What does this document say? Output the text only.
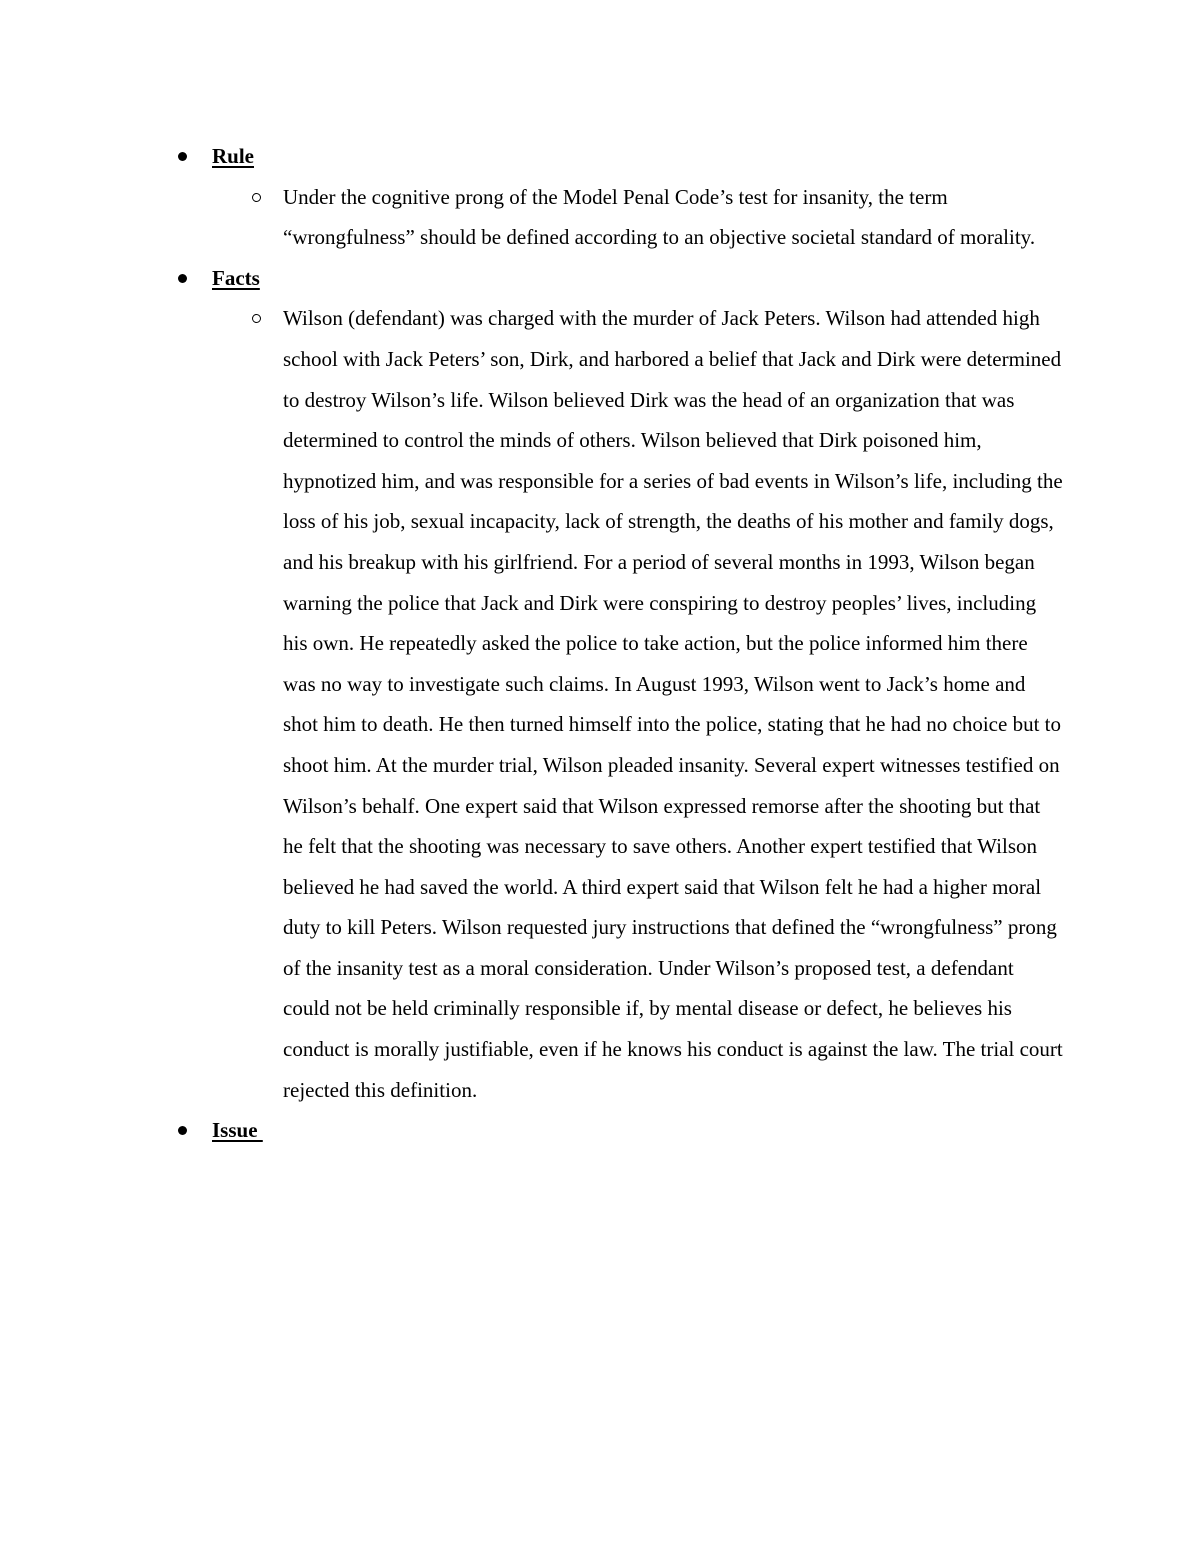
Rule

Under the cognitive prong of the Model Penal Code’s test for insanity, the term “wrongfulness” should be defined according to an objective societal standard of morality.

Facts

Wilson (defendant) was charged with the murder of Jack Peters. Wilson had attended high school with Jack Peters’ son, Dirk, and harbored a belief that Jack and Dirk were determined to destroy Wilson’s life. Wilson believed Dirk was the head of an organization that was determined to control the minds of others. Wilson believed that Dirk poisoned him, hypnotized him, and was responsible for a series of bad events in Wilson’s life, including the loss of his job, sexual incapacity, lack of strength, the deaths of his mother and family dogs, and his breakup with his girlfriend. For a period of several months in 1993, Wilson began warning the police that Jack and Dirk were conspiring to destroy peoples’ lives, including his own. He repeatedly asked the police to take action, but the police informed him there was no way to investigate such claims. In August 1993, Wilson went to Jack’s home and shot him to death. He then turned himself into the police, stating that he had no choice but to shoot him. At the murder trial, Wilson pleaded insanity. Several expert witnesses testified on Wilson’s behalf. One expert said that Wilson expressed remorse after the shooting but that he felt that the shooting was necessary to save others. Another expert testified that Wilson believed he had saved the world. A third expert said that Wilson felt he had a higher moral duty to kill Peters. Wilson requested jury instructions that defined the “wrongfulness” prong of the insanity test as a moral consideration. Under Wilson’s proposed test, a defendant could not be held criminally responsible if, by mental disease or defect, he believes his conduct is morally justifiable, even if he knows his conduct is against the law. The trial court rejected this definition.

Issue
